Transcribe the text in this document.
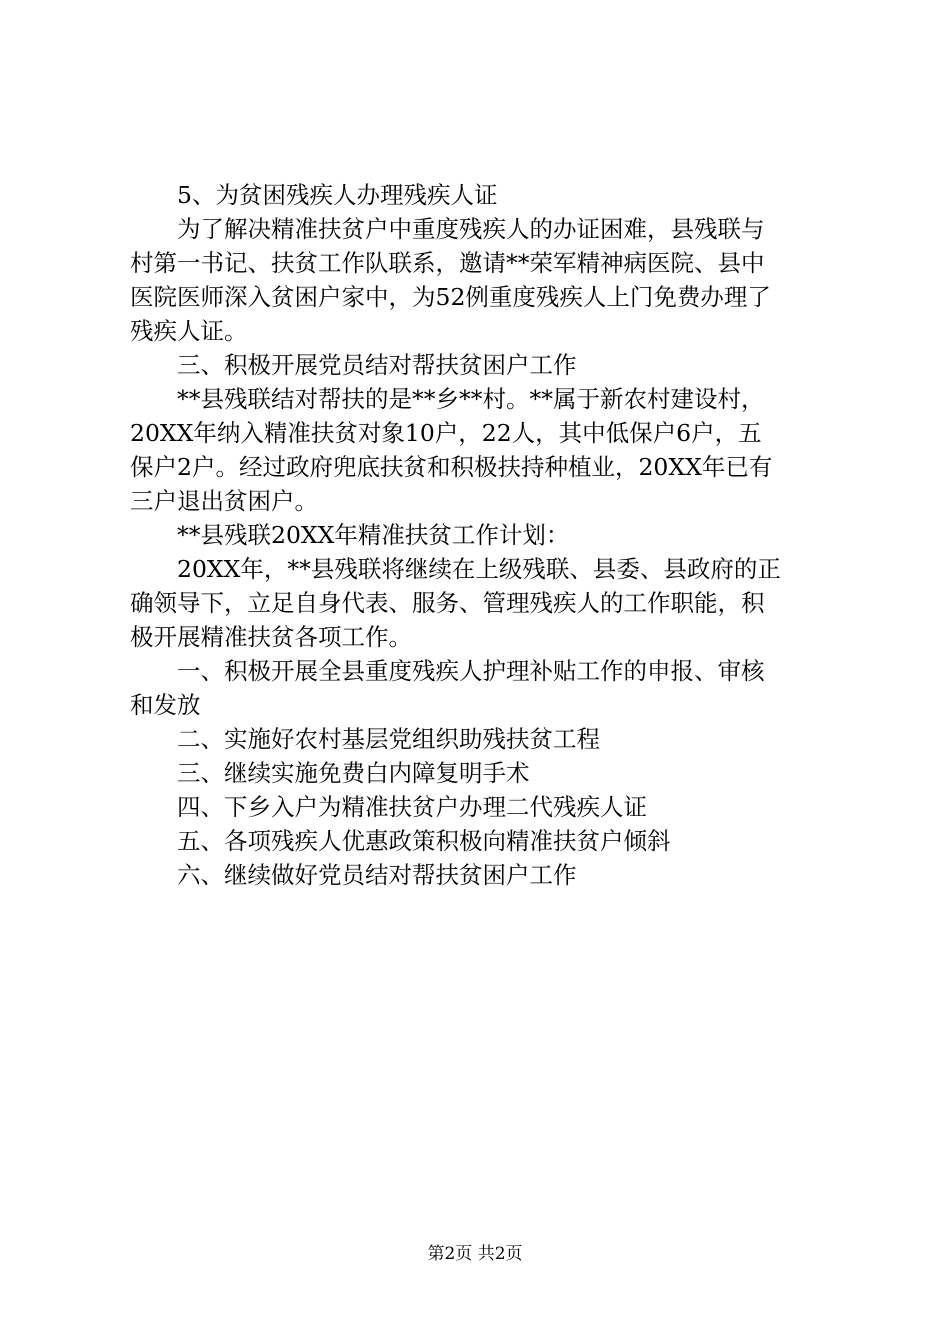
5、为贫困残疾人办理残疾人证
为了解决精准扶贫户中重度残疾人的办证困难，县残联与
村第一书记、扶贫工作队联系，邀请**荣军精神病医院、县中
医院医师深入贫困户家中，为52例重度残疾人上门免费办理了
残疾人证。
三、积极开展党员结对帮扶贫困户工作
**县残联结对帮扶的是**乡**村。**属于新农村建设村，
20XX年纳入精准扶贫对象10户，22人，其中低保户6户，五
保户2户。经过政府兜底扶贫和积极扶持种植业，20XX年已有
三户退出贫困户。
**县残联20XX年精准扶贫工作计划：
20XX年，**县残联将继续在上级残联、县委、县政府的正
确领导下，立足自身代表、服务、管理残疾人的工作职能，积
极开展精准扶贫各项工作。
一、积极开展全县重度残疾人护理补贴工作的申报、审核
和发放
二、实施好农村基层党组织助残扶贫工程
三、继续实施免费白内障复明手术
四、下乡入户为精准扶贫户办理二代残疾人证
五、各项残疾人优惠政策积极向精准扶贫户倾斜
六、继续做好党员结对帮扶贫困户工作
第2页 共2页
